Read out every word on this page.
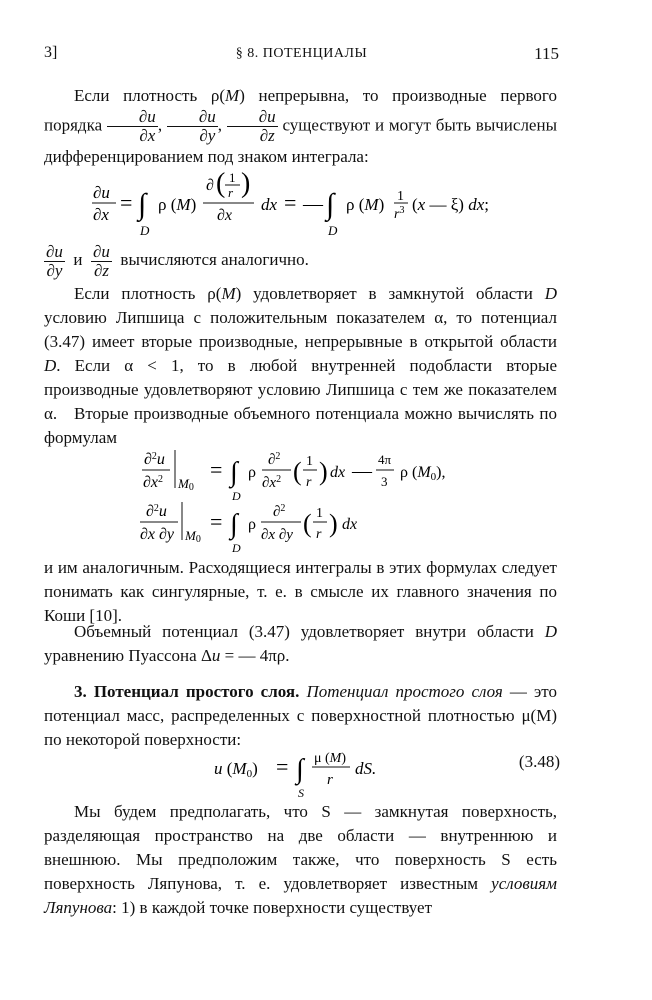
3]	§ 8. ПОТЕНЦИАЛЫ	115
Если плотность ρ(M) непрерывна, то производные первого порядка $\frac{\partial u}{\partial x}$ , $\frac{\partial u}{\partial y}$ , $\frac{\partial u}{\partial z}$ существуют и могут быть вычислены дифференцированием под знаком интеграла:
∂u
∂x = ∫
D
ρ (M)
∂ ( 1
r )
∂x
dx = — ∫
D
ρ (M) 1
$r^3$ (x — ξ) dx;
$\frac{\partial u}{\partial y}$ и $\frac{\partial u}{\partial z}$ вычисляются аналогично.
Если плотность ρ(M) удовлетворяет в замкнутой области D условию Липшица с положительным показателем α, то потенциал (3.47) имеет вторые производные, непрерывные в открытой области D. Если α < 1, то в любой внутренней подобласти вторые производные удовлетворяют условию Липшица с тем же показателем α. Вторые производные объемного потенциала можно вычислять по формулам
∂$^2$u
$\partial x^2$ M0
= ∫
D
ρ
∂$^2$
$\partial x^2$ ( 1
r ) dx —
4π
3
ρ (M0),
∂$^2$u
∂x ∂y M0
= ∫
D
ρ
∂$^2$
∂x ∂y ( 1
r ) dx
и им аналогичным. Расходящиеся интегралы в этих формулах следует понимать как сингулярные, т. е. в смысле их главного значения по Коши [10].
Объемный потенциал (3.47) удовлетворяет внутри области D уравнению Пуассона Δu = — 4πρ.
3. Потенциал простого слоя. Потенциал простого слоя — это потенциал масс, распределенных с поверхностной плотностью μ(M) по некоторой поверхности:
u (M0) = ∫
S
μ (M)
r
dS.	(3.48)
Мы будем предполагать, что S — замкнутая поверхность, разделяющая пространство на две области — внутреннюю и внешнюю. Мы предположим также, что поверхность S есть поверхность Ляпунова, т. е. удовлетворяет известным условиям Ляпунова: 1) в каждой точке поверхности существует
